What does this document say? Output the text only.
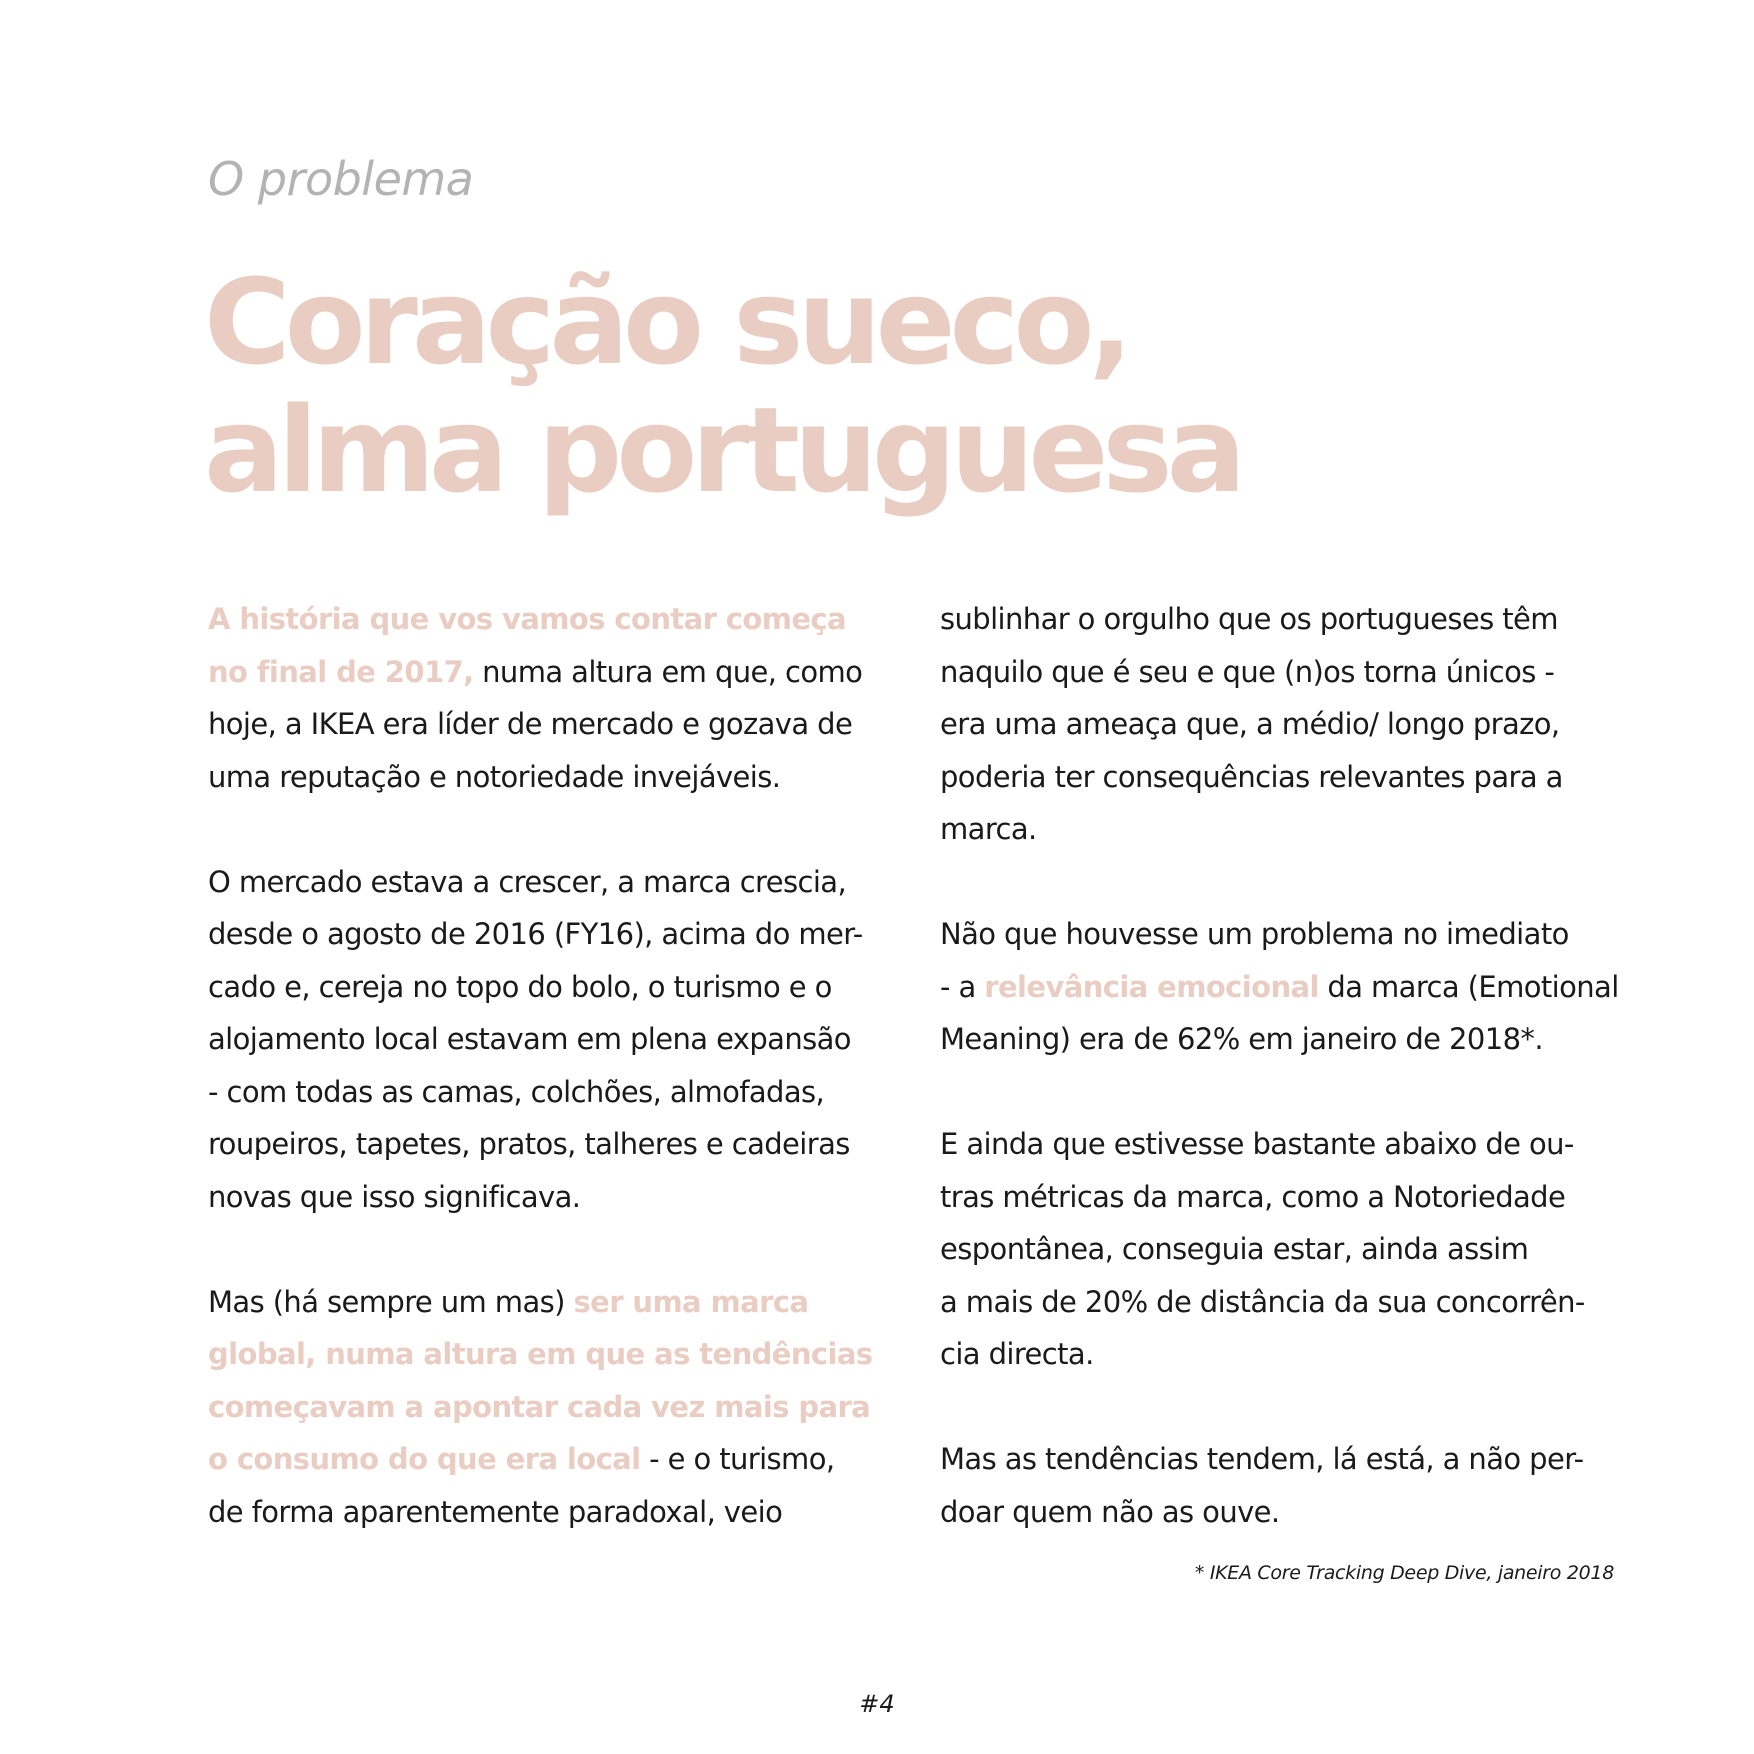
O problema
Coração sueco,
alma portuguesa

A história que vos vamos contar começa
no final de 2017, numa altura em que, como
hoje, a IKEA era líder de mercado e gozava de
uma reputação e notoriedade invejáveis.

O mercado estava a crescer, a marca crescia,
desde o agosto de 2016 (FY16), acima do mer-
cado e, cereja no topo do bolo, o turismo e o
alojamento local estavam em plena expansão
- com todas as camas, colchões, almofadas,
roupeiros, tapetes, pratos, talheres e cadeiras
novas que isso significava.

Mas (há sempre um mas) ser uma marca
global, numa altura em que as tendências
começavam a apontar cada vez mais para
o consumo do que era local - e o turismo,
de forma aparentemente paradoxal, veio

sublinhar o orgulho que os portugueses têm
naquilo que é seu e que (n)os torna únicos -
era uma ameaça que, a médio/ longo prazo,
poderia ter consequências relevantes para a
marca.

Não que houvesse um problema no imediato
- a relevância emocional da marca (Emotional
Meaning) era de 62% em janeiro de 2018*.

E ainda que estivesse bastante abaixo de ou-
tras métricas da marca, como a Notoriedade
espontânea, conseguia estar, ainda assim
a mais de 20% de distância da sua concorrên-
cia directa.

Mas as tendências tendem, lá está, a não per-
doar quem não as ouve.

* IKEA Core Tracking Deep Dive, janeiro 2018
#4
